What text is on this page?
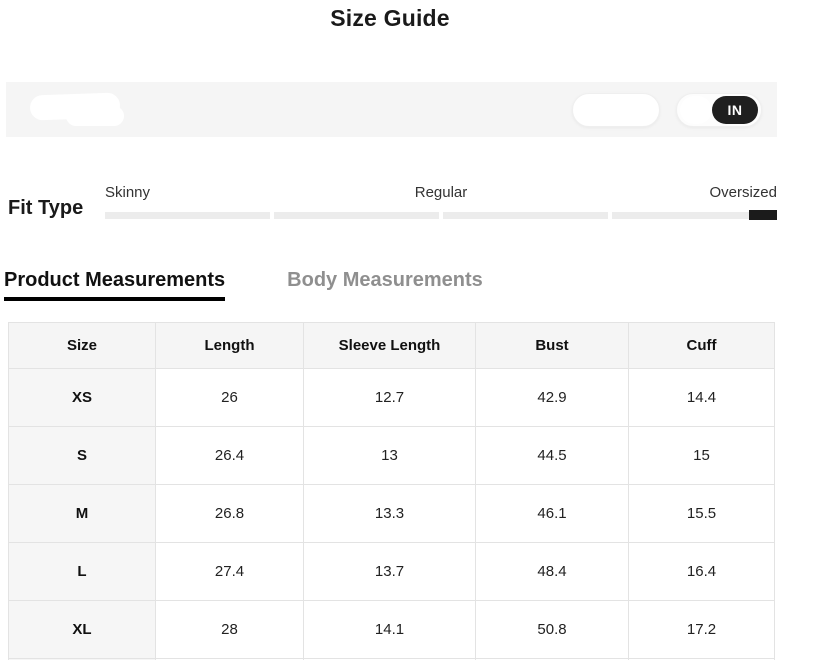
Size Guide
IN
Fit Type
Skinny	Regular	Oversized
Product Measurements	Body Measurements
Size	Length	Sleeve Length	Bust	Cuff
XS	26	12.7	42.9	14.4
S	26.4	13	44.5	15
M	26.8	13.3	46.1	15.5
L	27.4	13.7	48.4	16.4
XL	28	14.1	50.8	17.2
